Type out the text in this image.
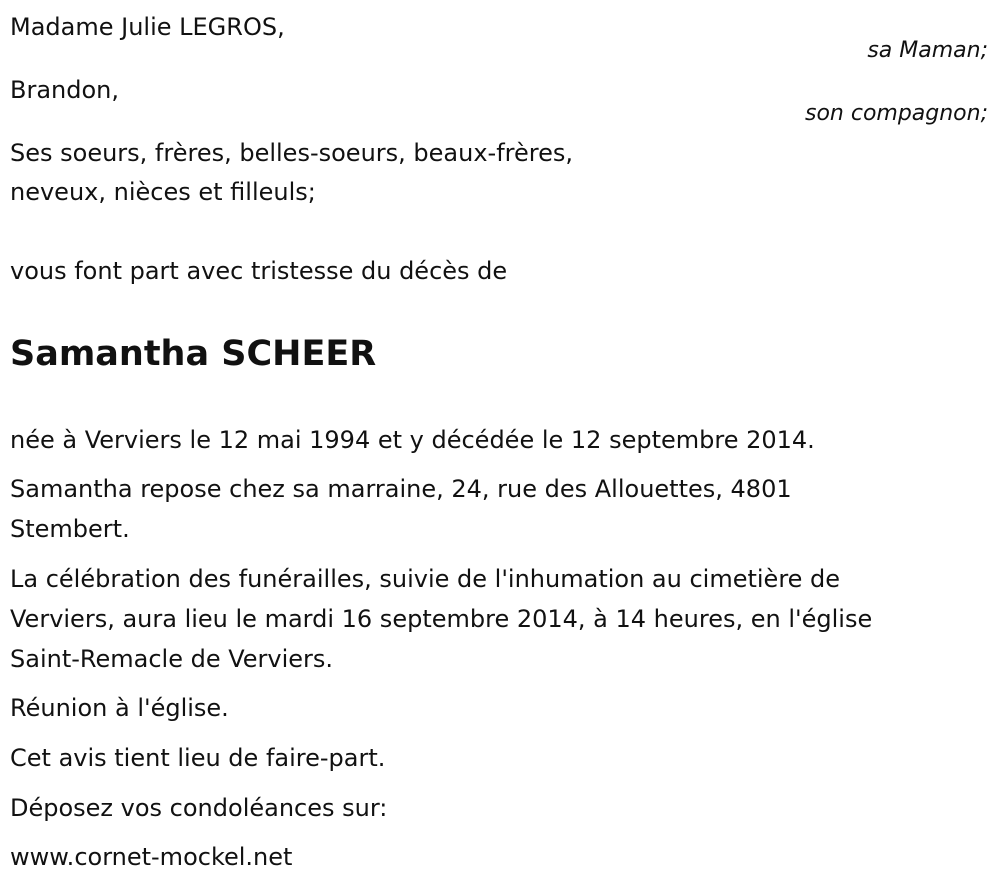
Madame Julie LEGROS,
sa Maman;
Brandon,
son compagnon;
Ses soeurs, frères, belles-soeurs, beaux-frères,
neveux, nièces et filleuls;
vous font part avec tristesse du décès de
Samantha SCHEER
née à Verviers le 12 mai 1994 et y décédée le 12 septembre 2014.
Samantha repose chez sa marraine, 24, rue des Allouettes, 4801
Stembert.
La célébration des funérailles, suivie de l'inhumation au cimetière de
Verviers, aura lieu le mardi 16 septembre 2014, à 14 heures, en l'église
Saint-Remacle de Verviers.
Réunion à l'église.
Cet avis tient lieu de faire-part.
Déposez vos condoléances sur:
www.cornet-mockel.net
